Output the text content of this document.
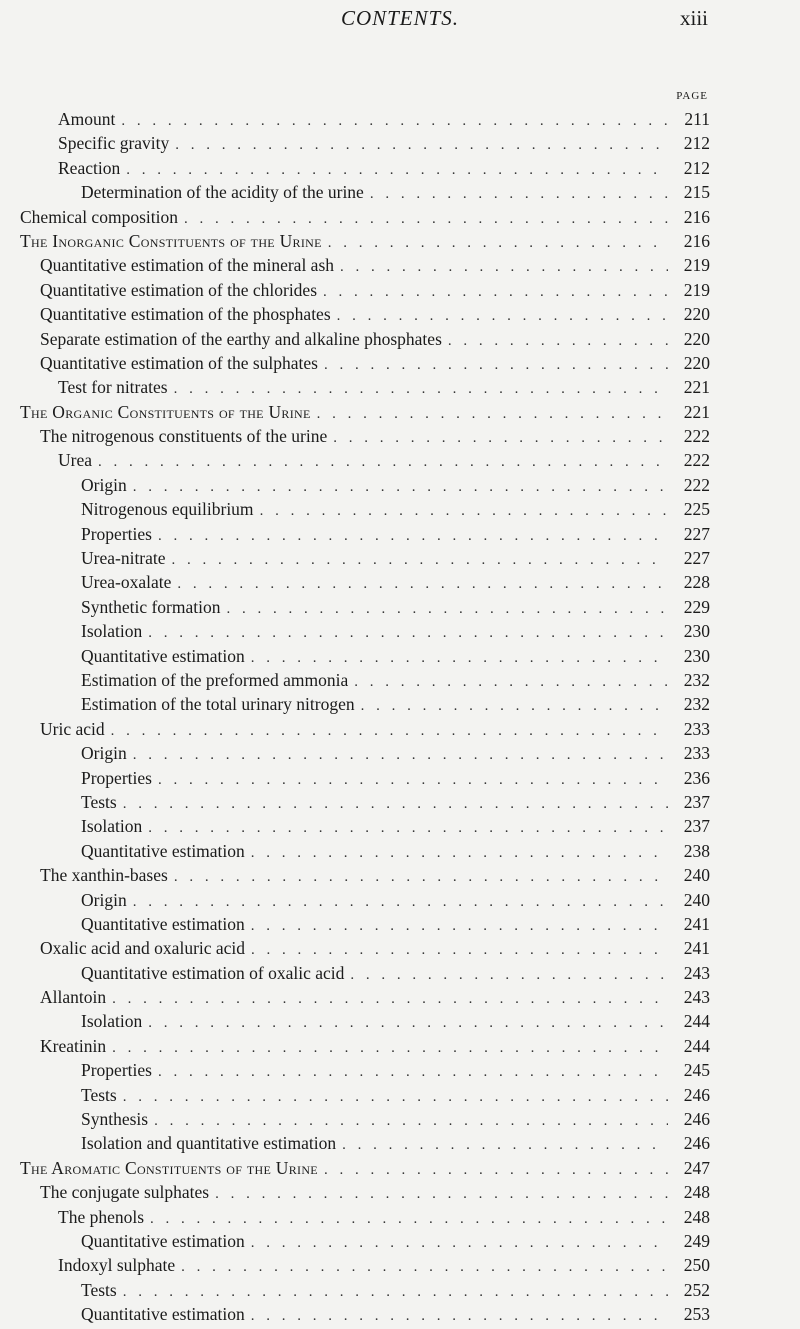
CONTENTS.	xiii
PAGE
Amount . . .	211
Specific gravity . . .	212
Reaction . . .	212
Determination of the acidity of the urine . . .	215
Chemical composition . . .	216
The Inorganic Constituents of the Urine . . .	216
Quantitative estimation of the mineral ash . . .	219
Quantitative estimation of the chlorides . . .	219
Quantitative estimation of the phosphates . . .	220
Separate estimation of the earthy and alkaline phosphates . . .	220
Quantitative estimation of the sulphates . . .	220
Test for nitrates . . .	221
The Organic Constituents of the Urine . . .	221
The nitrogenous constituents of the urine . . .	222
Urea . . .	222
Origin . . .	222
Nitrogenous equilibrium . . .	225
Properties . . .	227
Urea-nitrate . . .	227
Urea-oxalate . . .	228
Synthetic formation . . .	229
Isolation . . .	230
Quantitative estimation . . .	230
Estimation of the preformed ammonia . . .	232
Estimation of the total urinary nitrogen . . .	232
Uric acid . . .	233
Origin . . .	233
Properties . . .	236
Tests . . .	237
Isolation . . .	237
Quantitative estimation . . .	238
The xanthin-bases . . .	240
Origin . . .	240
Quantitative estimation . . .	241
Oxalic acid and oxaluric acid . . .	241
Quantitative estimation of oxalic acid . . .	243
Allantoin . . .	243
Isolation . . .	244
Kreatinin . . .	244
Properties . . .	245
Tests . . .	246
Synthesis . . .	246
Isolation and quantitative estimation . . .	246
The Aromatic Constituents of the Urine . . .	247
The conjugate sulphates . . .	248
The phenols . . .	248
Quantitative estimation . . .	249
Indoxyl sulphate . . .	250
Tests . . .	252
Quantitative estimation . . .	253
